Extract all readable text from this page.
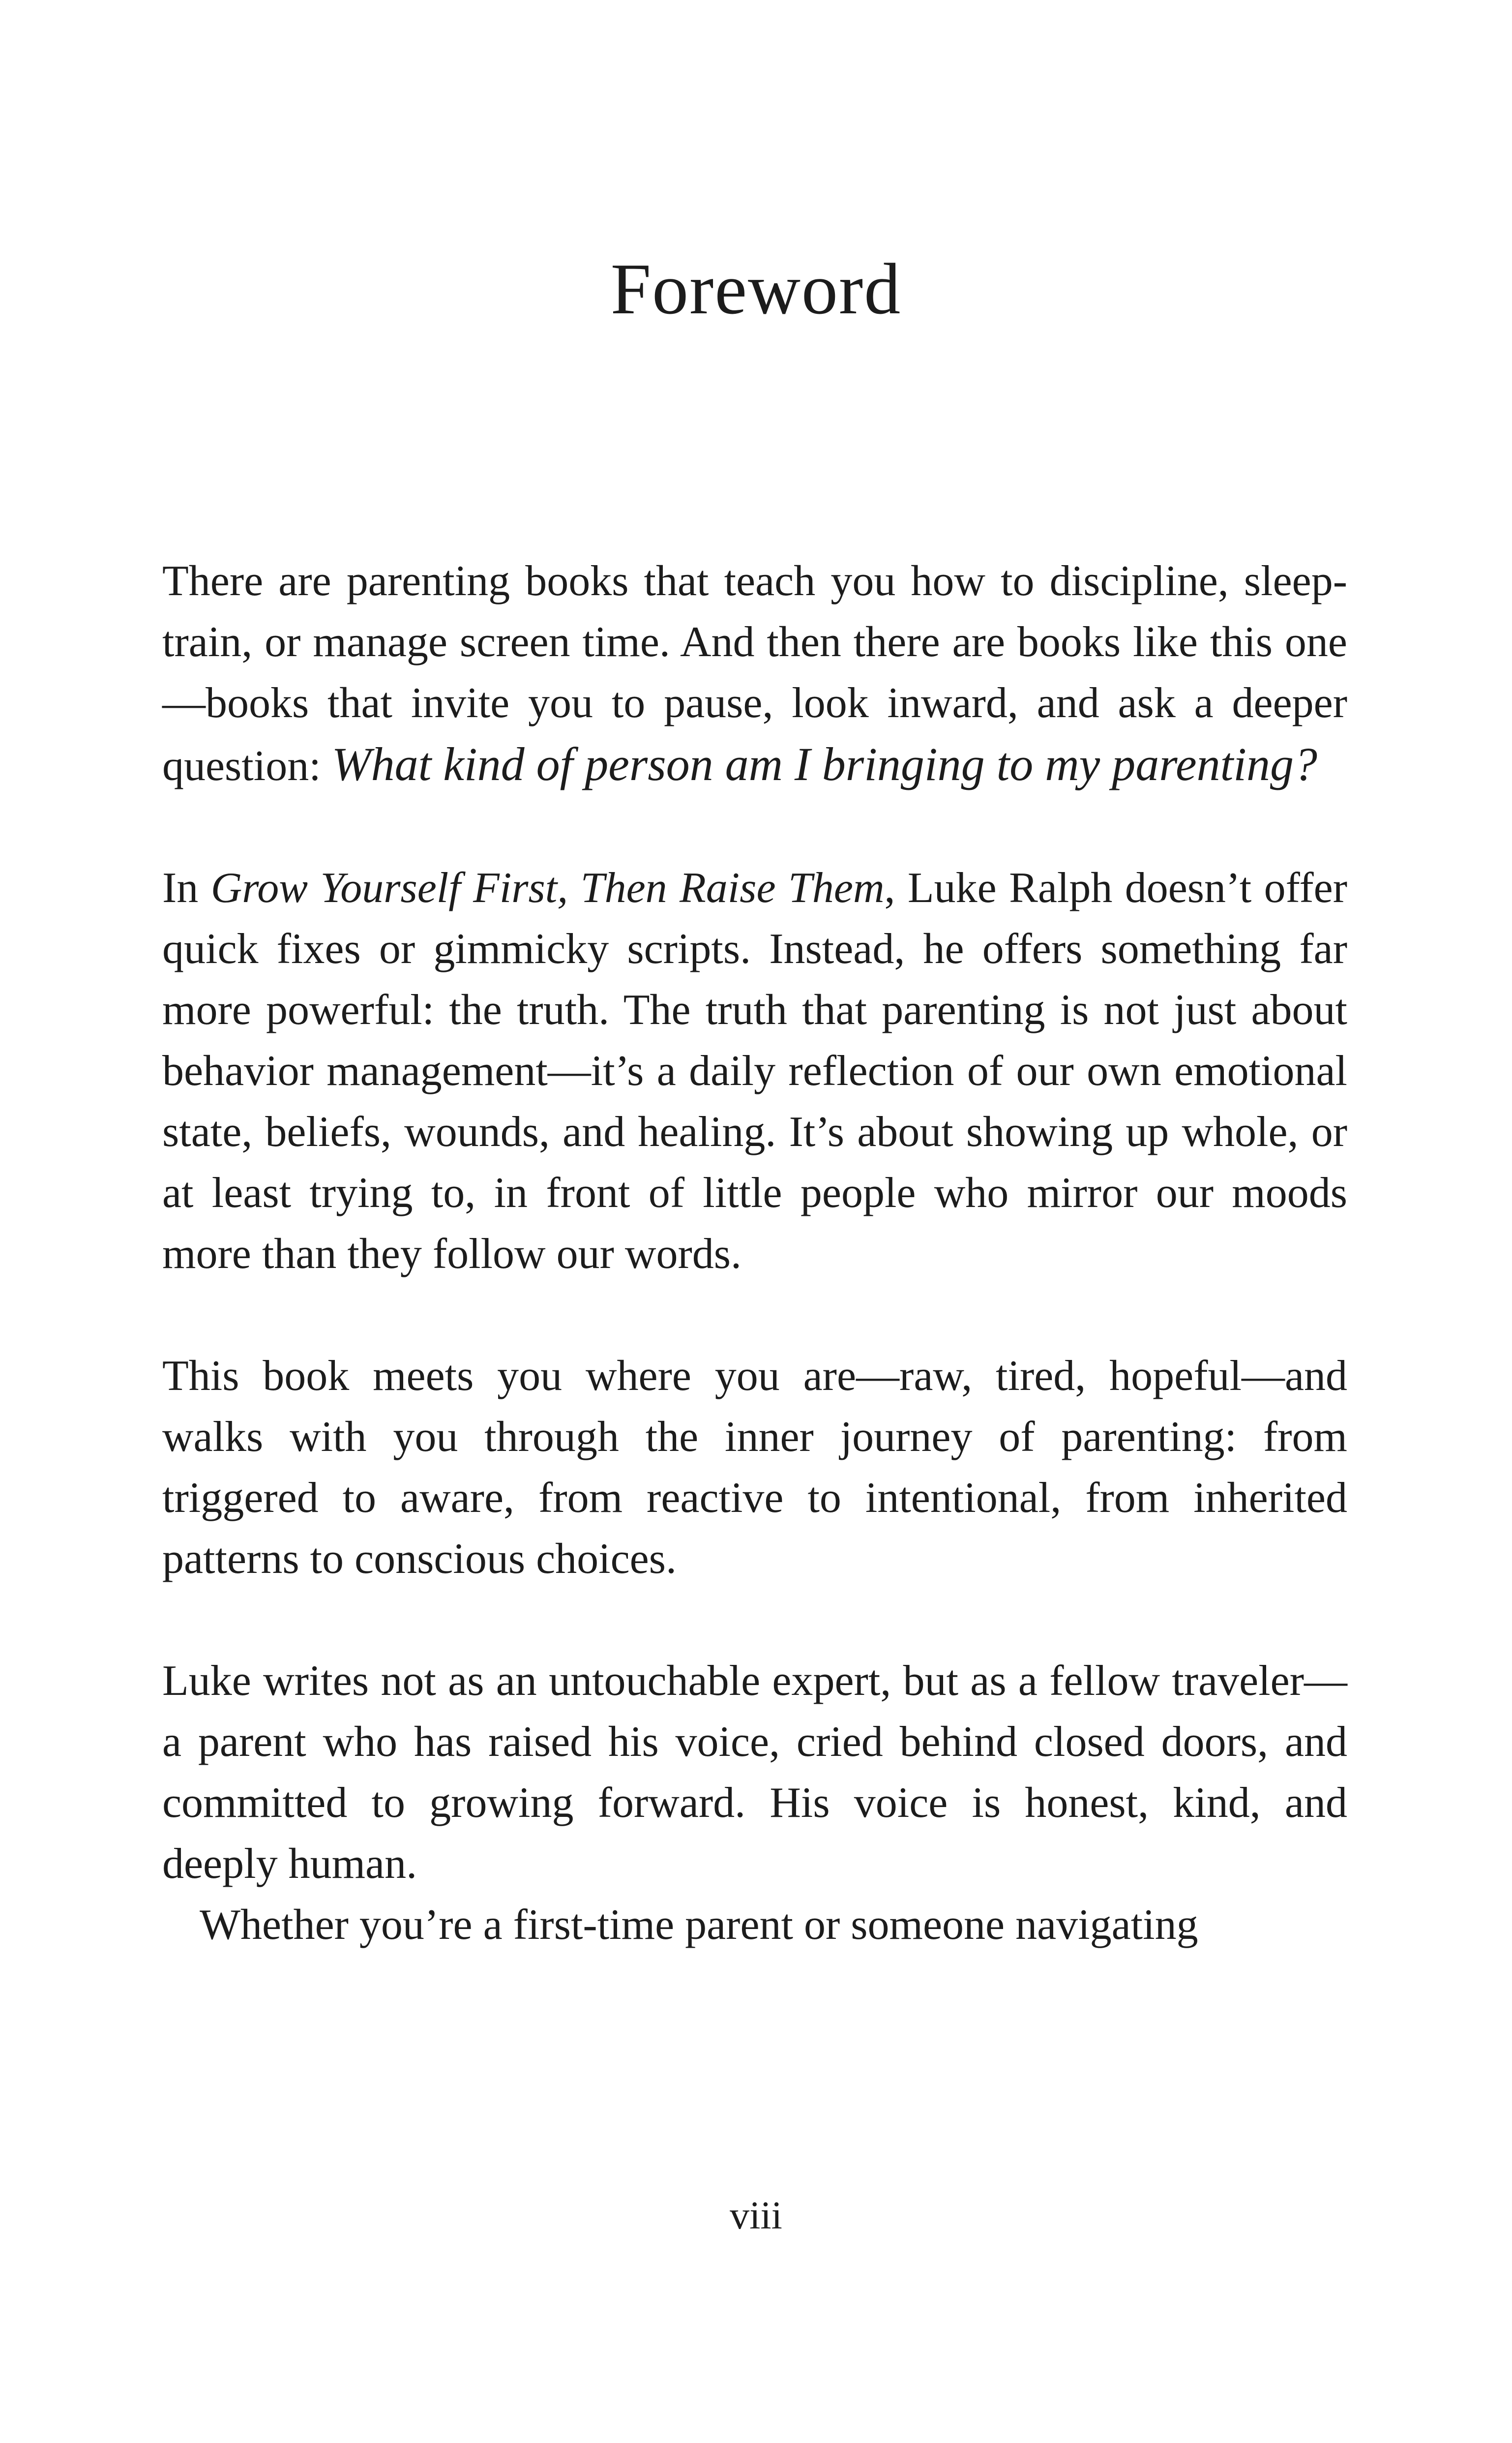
Foreword

There are parenting books that teach you how to discipline, sleep-train, or manage screen time. And then there are books like this one—books that invite you to pause, look inward, and ask a deeper question: What kind of person am I bringing to my parenting?

In Grow Yourself First, Then Raise Them, Luke Ralph doesn’t offer quick fixes or gimmicky scripts. Instead, he offers something far more powerful: the truth. The truth that parenting is not just about behavior management—it’s a daily reflection of our own emotional state, beliefs, wounds, and healing. It’s about showing up whole, or at least trying to, in front of little people who mirror our moods more than they follow our words.

This book meets you where you are—raw, tired, hopeful—and walks with you through the inner journey of parenting: from triggered to aware, from reactive to intentional, from inherited patterns to conscious choices.

Luke writes not as an untouchable expert, but as a fellow traveler—a parent who has raised his voice, cried behind closed doors, and committed to growing forward. His voice is honest, kind, and deeply human.

Whether you’re a first-time parent or someone navigating

viii
